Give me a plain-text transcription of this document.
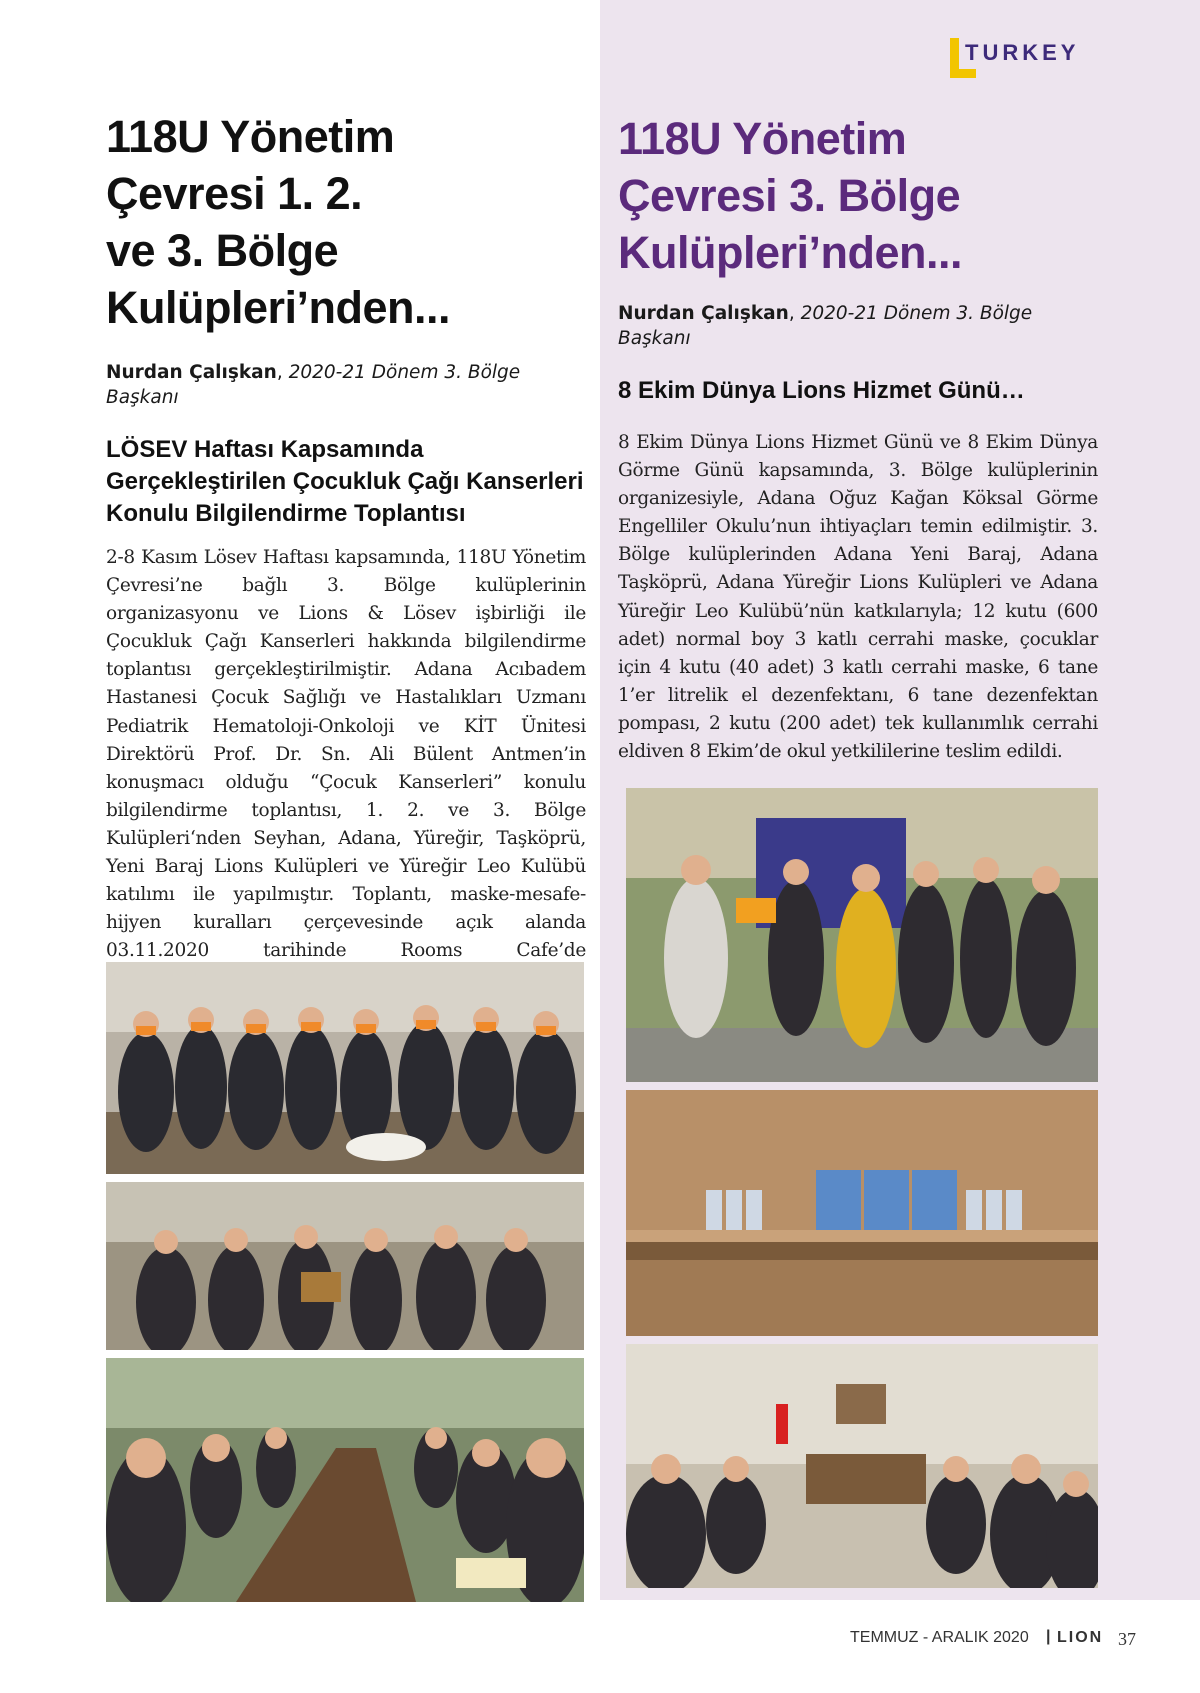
TURKEY
118U Yönetim
Çevresi 1. 2.
ve 3. Bölge
Kulüpleri’nden...
Nurdan Çalışkan, 2020-21 Dönem 3. Bölge Başkanı
LÖSEV Haftası Kapsamında Gerçekleştirilen Çocukluk Çağı Kanserleri Konulu Bilgilendirme Toplantısı

2-8 Kasım Lösev Haftası kapsamında, 118U Yönetim Çevresi’ne bağlı 3. Bölge kulüplerinin organizasyonu ve Lions & Lösev işbirliği ile Çocukluk Çağı Kanserleri hakkında bilgilendirme toplantısı gerçekleştirilmiştir. Adana Acıbadem Hastanesi Çocuk Sağlığı ve Hastalıkları Uzmanı Pediatrik Hematoloji-Onkoloji ve KİT Ünitesi Direktörü Prof. Dr. Sn. Ali Bülent Antmen’in konuşmacı olduğu “Çocuk Kanserleri” konulu bilgilendirme toplantısı, 1. 2. ve 3. Bölge Kulüpleri‘nden Seyhan, Adana, Yüreğir, Taşköprü, Yeni Baraj Lions Kulüpleri ve Yüreğir Leo Kulübü katılımı ile yapılmıştır. Toplantı, maske-mesafe-hijyen kuralları çerçevesinde açık alanda 03.11.2020 tarihinde Rooms Cafe’de

118U Yönetim
Çevresi 3. Bölge
Kulüpleri’nden...
Nurdan Çalışkan, 2020-21 Dönem 3. Bölge Başkanı
8 Ekim Dünya Lions Hizmet Günü…

8 Ekim Dünya Lions Hizmet Günü ve 8 Ekim Dünya Görme Günü kapsamında, 3. Bölge kulüplerinin organizesiyle, Adana Oğuz Kağan Köksal Görme Engelliler Okulu’nun ihtiyaçları temin edilmiştir. 3. Bölge kulüplerinden Adana Yeni Baraj, Adana Taşköprü, Adana Yüreğir Lions Kulüpleri ve Adana Yüreğir Leo Kulübü’nün katkılarıyla; 12 kutu (600 adet) normal boy 3 katlı cerrahi maske, çocuklar için 4 kutu (40 adet) 3 katlı cerrahi maske, 6 tane 1’er litrelik el dezenfektanı, 6 tane dezenfektan pompası, 2 kutu (200 adet) tek kullanımlık cerrahi eldiven 8 Ekim’de okul yetkililerine teslim edildi.

TEMMUZ - ARALIK 2020 | LION 37
